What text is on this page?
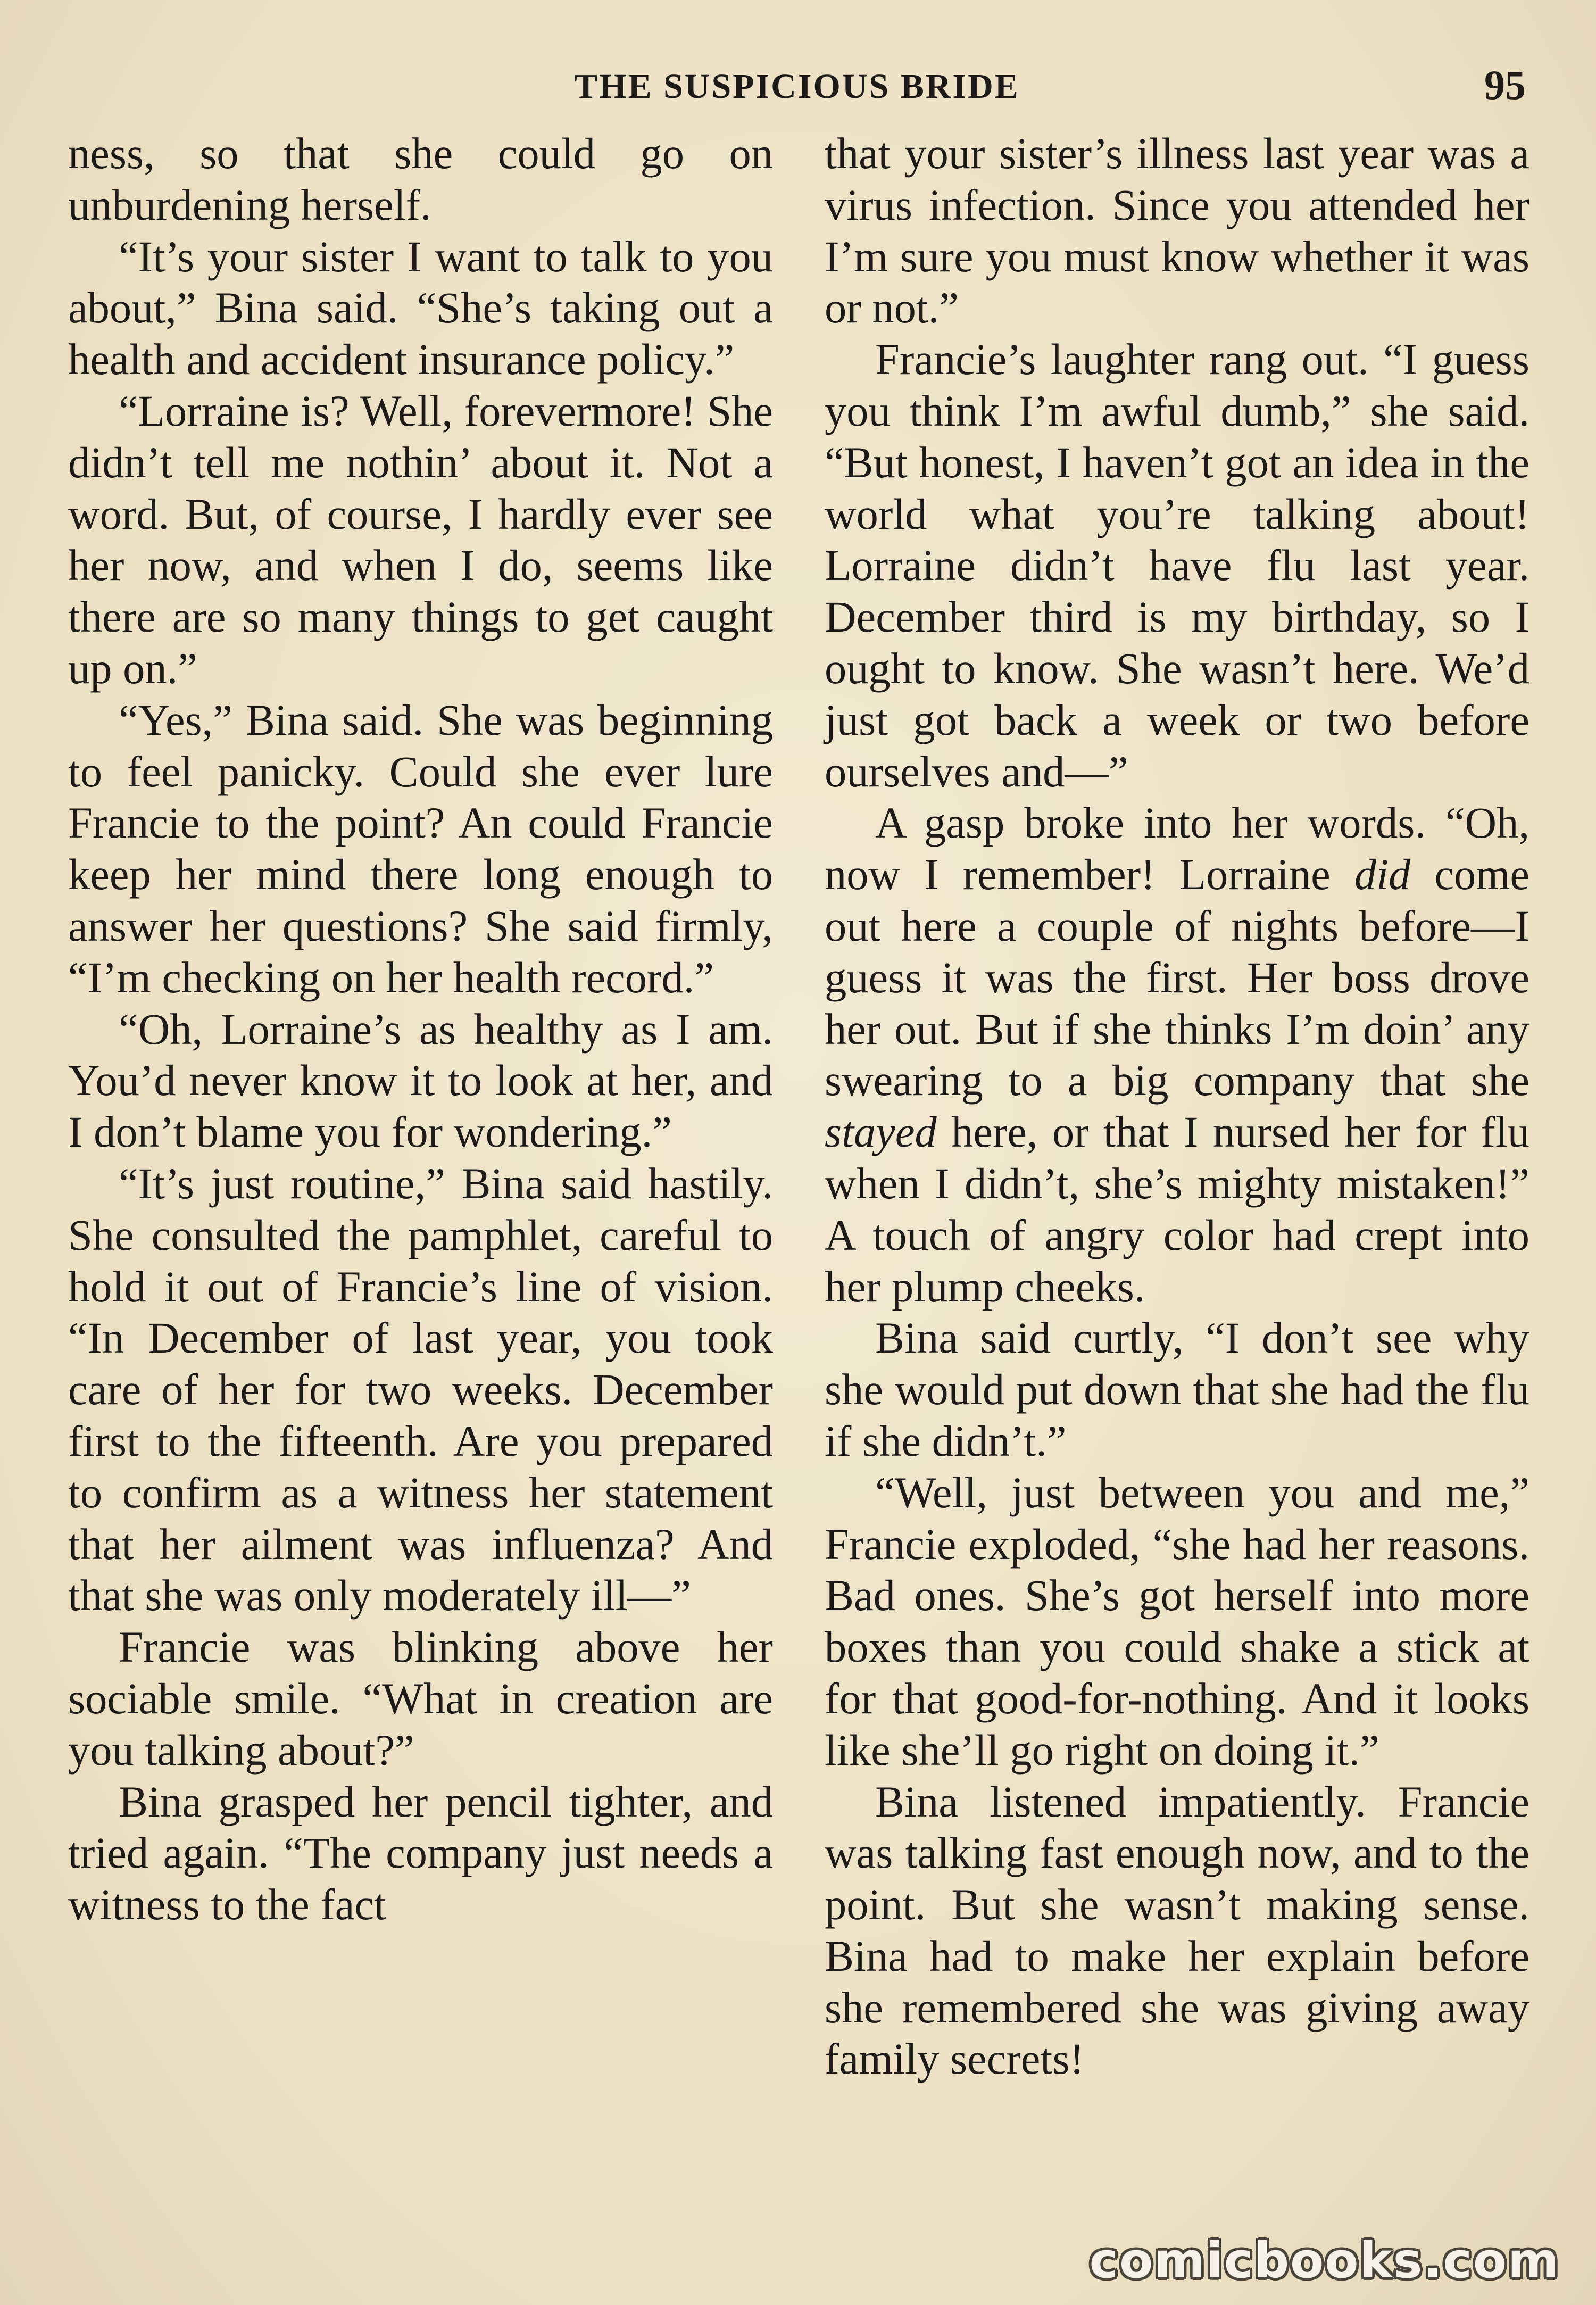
THE SUSPICIOUS BRIDE	95

ness, so that she could go on unburdening herself.

“It’s your sister I want to talk to you about,” Bina said. “She’s taking out a health and accident insurance policy.”

“Lorraine is? Well, forevermore! She didn’t tell me nothin’ about it. Not a word. But, of course, I hardly ever see her now, and when I do, seems like there are so many things to get caught up on.”

“Yes,” Bina said. She was beginning to feel panicky. Could she ever lure Francie to the point? An could Francie keep her mind there long enough to answer her questions? She said firmly, “I’m checking on her health record.”

“Oh, Lorraine’s as healthy as I am. You’d never know it to look at her, and I don’t blame you for wondering.”

“It’s just routine,” Bina said hastily. She consulted the pamphlet, careful to hold it out of Francie’s line of vision. “In December of last year, you took care of her for two weeks. December first to the fifteenth. Are you prepared to confirm as a witness her statement that her ailment was influenza? And that she was only moderately ill—”

Francie was blinking above her sociable smile. “What in creation are you talking about?”

Bina grasped her pencil tighter, and tried again. “The company just needs a witness to the fact

that your sister’s illness last year was a virus infection. Since you attended her I’m sure you must know whether it was or not.”

Francie’s laughter rang out. “I guess you think I’m awful dumb,” she said. “But honest, I haven’t got an idea in the world what you’re talking about! Lorraine didn’t have flu last year. December third is my birthday, so I ought to know. She wasn’t here. We’d just got back a week or two before ourselves and—”

A gasp broke into her words. “Oh, now I remember! Lorraine did come out here a couple of nights before—I guess it was the first. Her boss drove her out. But if she thinks I’m doin’ any swearing to a big company that she stayed here, or that I nursed her for flu when I didn’t, she’s mighty mistaken!” A touch of angry color had crept into her plump cheeks.

Bina said curtly, “I don’t see why she would put down that she had the flu if she didn’t.”

“Well, just between you and me,” Francie exploded, “she had her reasons. Bad ones. She’s got herself into more boxes than you could shake a stick at for that good-for-nothing. And it looks like she’ll go right on doing it.”

Bina listened impatiently. Francie was talking fast enough now, and to the point. But she wasn’t making sense. Bina had to make her explain before she remembered she was giving away family secrets!

comicbooks.com
